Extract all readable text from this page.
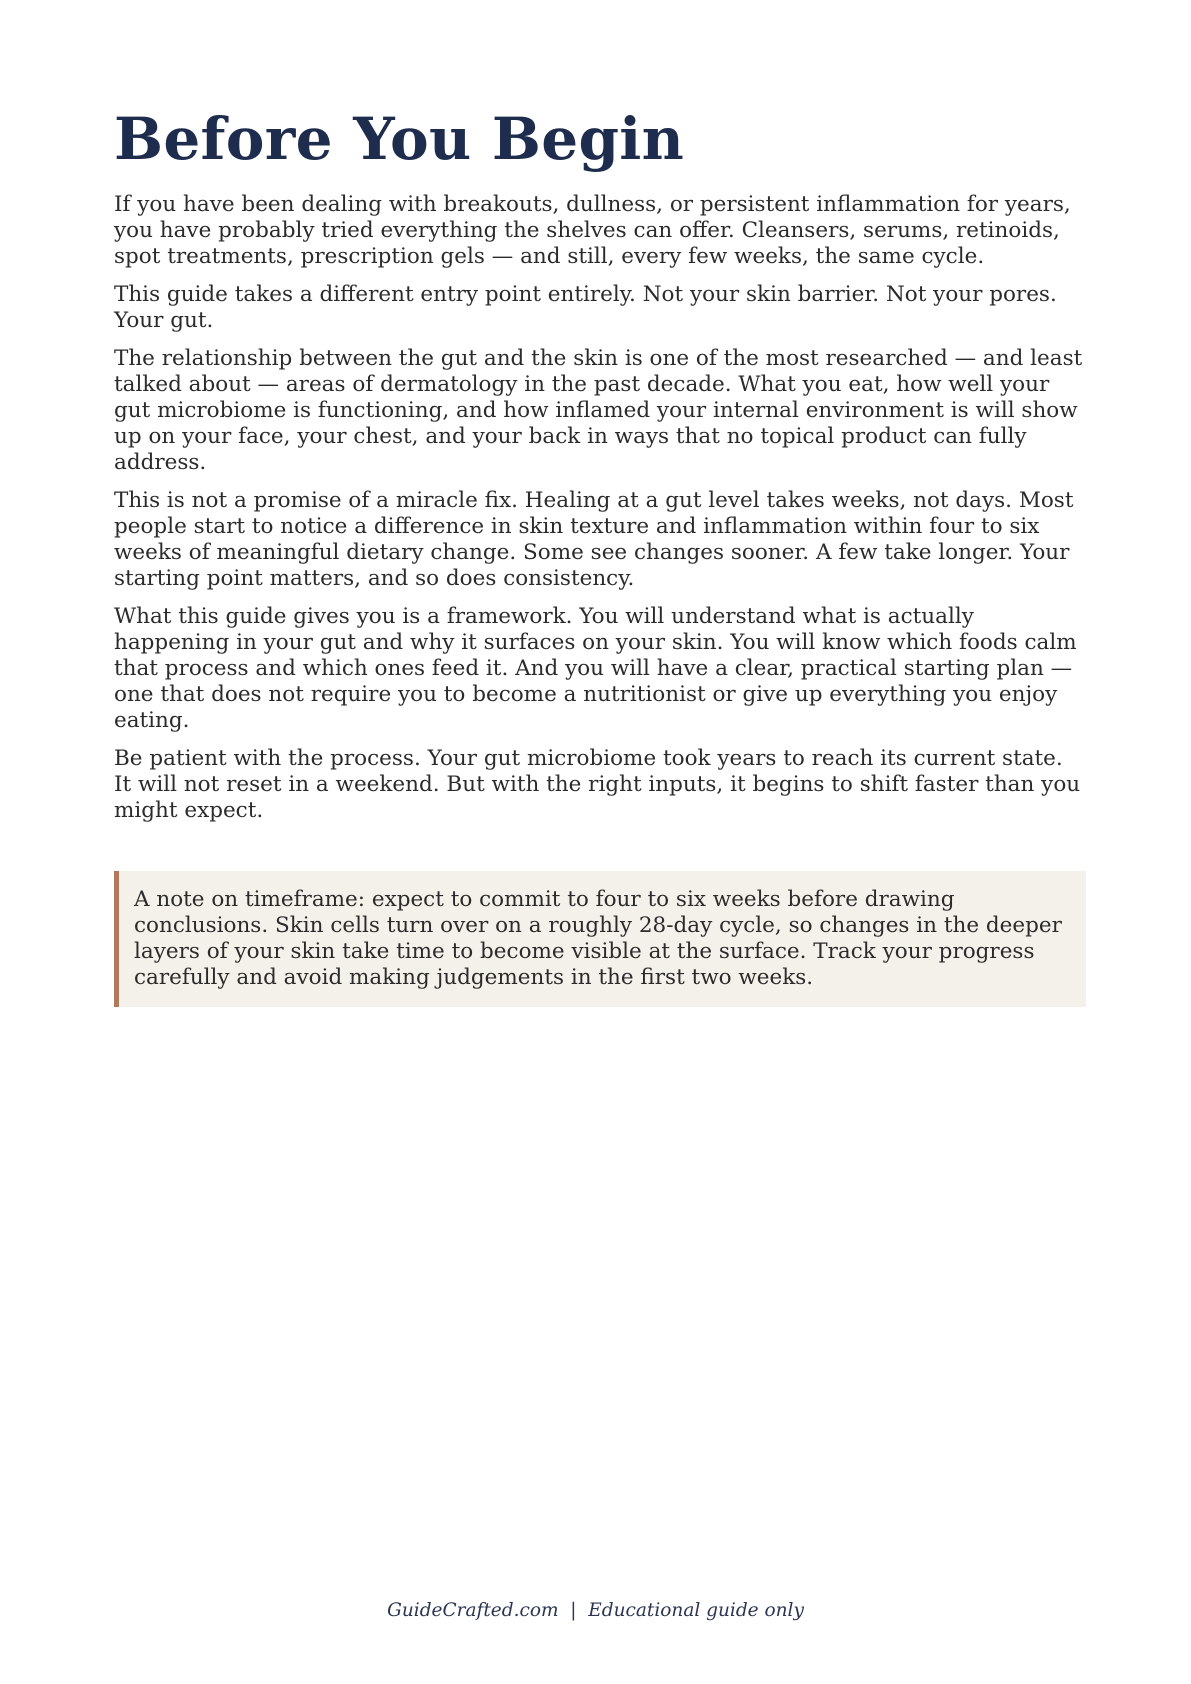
Before You Begin

If you have been dealing with breakouts, dullness, or persistent inflammation for years, you have probably tried everything the shelves can offer. Cleansers, serums, retinoids, spot treatments, prescription gels — and still, every few weeks, the same cycle.

This guide takes a different entry point entirely. Not your skin barrier. Not your pores. Your gut.

The relationship between the gut and the skin is one of the most researched — and least talked about — areas of dermatology in the past decade. What you eat, how well your gut microbiome is functioning, and how inflamed your internal environment is will show up on your face, your chest, and your back in ways that no topical product can fully address.

This is not a promise of a miracle fix. Healing at a gut level takes weeks, not days. Most people start to notice a difference in skin texture and inflammation within four to six weeks of meaningful dietary change. Some see changes sooner. A few take longer. Your starting point matters, and so does consistency.

What this guide gives you is a framework. You will understand what is actually happening in your gut and why it surfaces on your skin. You will know which foods calm that process and which ones feed it. And you will have a clear, practical starting plan — one that does not require you to become a nutritionist or give up everything you enjoy eating.

Be patient with the process. Your gut microbiome took years to reach its current state. It will not reset in a weekend. But with the right inputs, it begins to shift faster than you might expect.

A note on timeframe: expect to commit to four to six weeks before drawing conclusions. Skin cells turn over on a roughly 28-day cycle, so changes in the deeper layers of your skin take time to become visible at the surface. Track your progress carefully and avoid making judgements in the first two weeks.

GuideCrafted.com  |  Educational guide only
